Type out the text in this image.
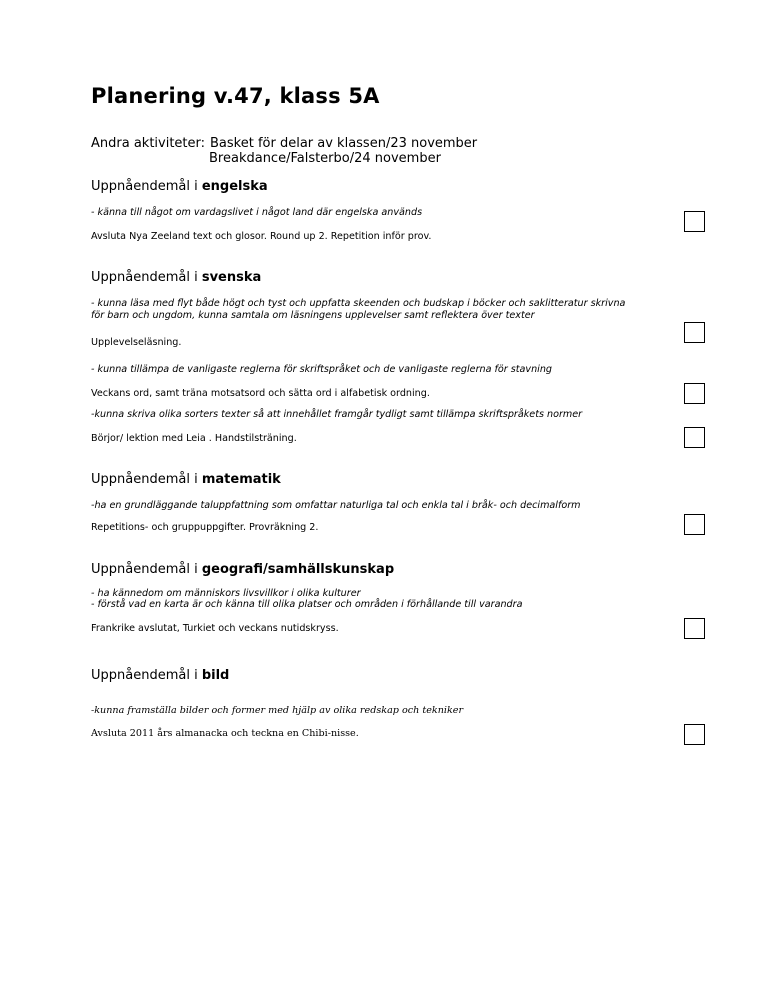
Planering v.47, klass 5A
Andra aktiviteter: Basket för delar av klassen/23 november
Breakdance/Falsterbo/24 november
Uppnåendemål i engelska
- känna till något om vardagslivet i något land där engelska används
Avsluta Nya Zeeland text och glosor. Round up 2. Repetition inför prov.
Uppnåendemål i svenska
- kunna läsa med flyt både högt och tyst och uppfatta skeenden och budskap i böcker och saklitteratur skrivna
för barn och ungdom, kunna samtala om läsningens upplevelser samt reflektera över texter
Upplevelseläsning.
- kunna tillämpa de vanligaste reglerna för skriftspråket och de vanligaste reglerna för stavning
Veckans ord, samt träna motsatsord och sätta ord i alfabetisk ordning.
-kunna skriva olika sorters texter så att innehållet framgår tydligt samt tillämpa skriftspråkets normer
Börjor/ lektion med Leia . Handstilsträning.
Uppnåendemål i matematik
-ha en grundläggande taluppfattning som omfattar naturliga tal och enkla tal i bråk- och decimalform
Repetitions- och gruppuppgifter. Provräkning 2.
Uppnåendemål i geografi/samhällskunskap
- ha kännedom om människors livsvillkor i olika kulturer
- förstå vad en karta är och känna till olika platser och områden i förhållande till varandra
Frankrike avslutat, Turkiet och veckans nutidskryss.
Uppnåendemål i bild
-kunna framställa bilder och former med hjälp av olika redskap och tekniker
Avsluta 2011 års almanacka och teckna en Chibi-nisse.
